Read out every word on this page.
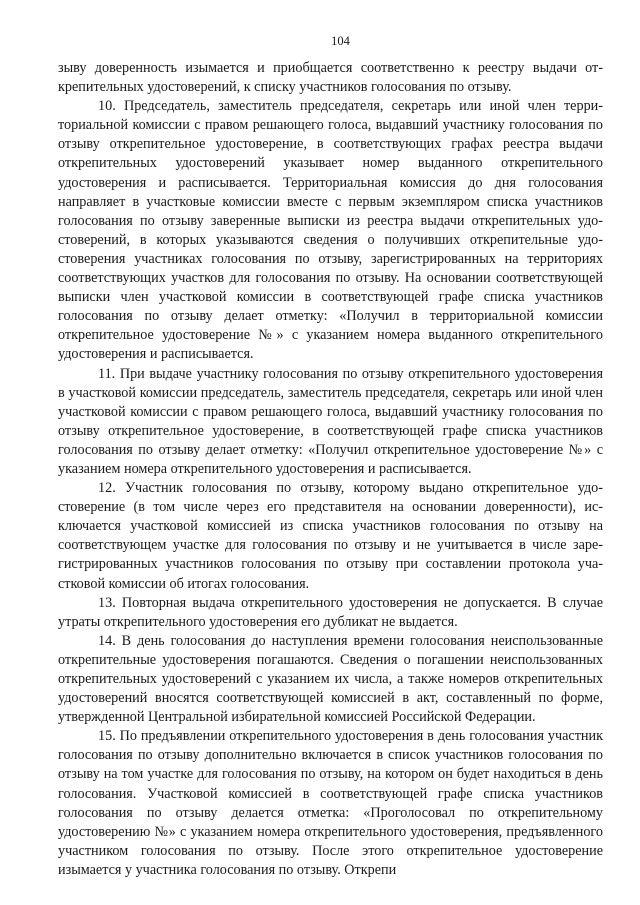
104

зыву доверенность изымается и приобщается соответственно к реестру выдачи открепительных удостоверений, к списку участников голосования по отзыву.

10. Председатель, заместитель председателя, секретарь или иной член территориальной комиссии с правом решающего голоса, выдавший участнику голосования по отзыву открепительное удостоверение, в соответствующих графах реестра выдачи открепительных удостоверений указывает номер выданного открепительного удостоверения и расписывается. Территориальная комиссия до дня голосования направляет в участковые комиссии вместе с первым экземпляром списка участников голосования по отзыву заверенные выписки из реестра выдачи открепительных удостоверений, в которых указываются сведения о получивших открепительные удостоверения участниках голосования по отзыву, зарегистрированных на территориях соответствующих участков для голосования по отзыву. На основании соответствующей выписки член участковой комиссии в соответствующей графе списка участников голосования по отзыву делает отметку: «Получил в территориальной комиссии открепительное удостоверение №» с указанием номера выданного открепительного удостоверения и расписывается.

11. При выдаче участнику голосования по отзыву открепительного удостоверения в участковой комиссии председатель, заместитель председателя, секретарь или иной член участковой комиссии с правом решающего голоса, выдавший участнику голосования по отзыву открепительное удостоверение, в соответствующей графе списка участников голосования по отзыву делает отметку: «Получил открепительное удостоверение №» с указанием номера открепительного удостоверения и расписывается.

12. Участник голосования по отзыву, которому выдано открепительное удостоверение (в том числе через его представителя на основании доверенности), исключается участковой комиссией из списка участников голосования по отзыву на соответствующем участке для голосования по отзыву и не учитывается в числе зарегистрированных участников голосования по отзыву при составлении протокола участковой комиссии об итогах голосования.

13. Повторная выдача открепительного удостоверения не допускается. В случае утраты открепительного удостоверения его дубликат не выдается.

14. В день голосования до наступления времени голосования неиспользованные открепительные удостоверения погашаются. Сведения о погашении неиспользованных открепительных удостоверений с указанием их числа, а также номеров открепительных удостоверений вносятся соответствующей комиссией в акт, составленный по форме, утвержденной Центральной избирательной комиссией Российской Федерации.

15. По предъявлении открепительного удостоверения в день голосования участник голосования по отзыву дополнительно включается в список участников голосования по отзыву на том участке для голосования по отзыву, на котором он будет находиться в день голосования. Участковой комиссией в соответствующей графе списка участников голосования по отзыву делается отметка: «Проголосовал по открепительному удостоверению №» с указанием номера открепительного удостоверения, предъявленного участником голосования по отзыву. После этого открепительное удостоверение изымается у участника голосования по отзыву. Открепи
